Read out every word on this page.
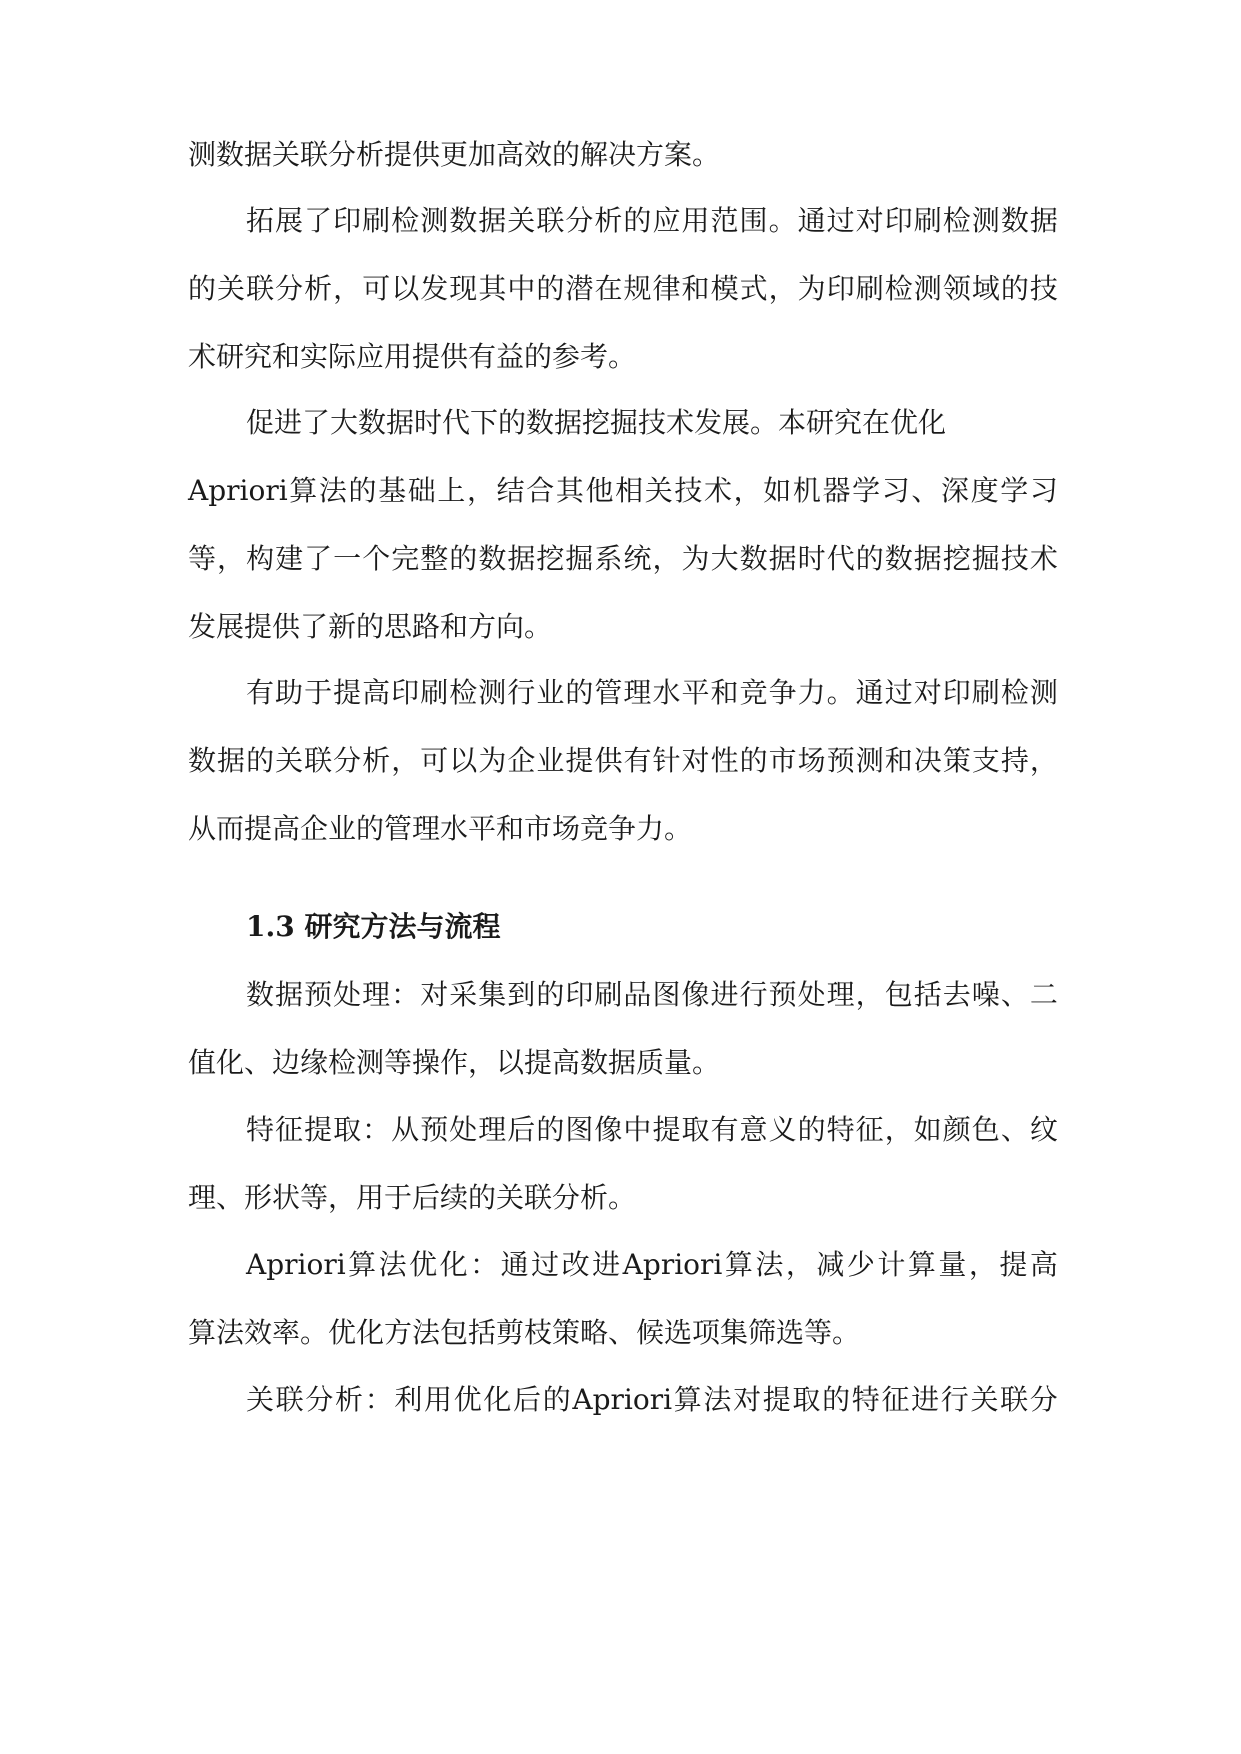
测数据关联分析提供更加高效的解决方案。

拓 展 了 印 刷 检 测 数 据 关 联 分 析 的 应 用 范 围 。 通 过 对 印 刷 检 测 数 据

的 关 联 分 析 ， 可 以 发 现 其 中 的 潜 在 规 律 和 模 式 ， 为 印 刷 检 测 领 域 的 技

术研究和实际应用提供有益的参考。

促进了大数据时代下的数据挖掘技术发展。本研究在优化

Apriori 算 法 的 基 础 上 ， 结 合 其 他 相 关 技 术 ， 如 机 器 学 习 、 深 度 学 习

等 ， 构 建 了 一 个 完 整 的 数 据 挖 掘 系 统 ， 为 大 数 据 时 代 的 数 据 挖 掘 技 术

发展提供了新的思路和方向。

有 助 于 提 高 印 刷 检 测 行 业 的 管 理 水 平 和 竞 争 力 。 通 过 对 印 刷 检 测

数 据 的 关 联 分 析 ， 可 以 为 企 业 提 供 有 针 对 性 的 市 场 预 测 和 决 策 支 持 ，

从而提高企业的管理水平和市场竞争力。

1.3 研究方法与流程

数 据 预 处 理 ： 对 采 集 到 的 印 刷 品 图 像 进 行 预 处 理 ， 包 括 去 噪 、 二

值化、边缘检测等操作，以提高数据质量。

特 征 提 取 ： 从 预 处 理 后 的 图 像 中 提 取 有 意 义 的 特 征 ， 如 颜 色 、 纹

理、形状等，用于后续的关联分析。

Apriori 算 法 优 化 ： 通 过 改 进 Apriori 算 法 ， 减 少 计 算 量 ， 提 高

算法效率。优化方法包括剪枝策略、候选项集筛选等。

关 联 分 析 ： 利 用 优 化 后 的 Apriori 算 法 对 提 取 的 特 征 进 行 关 联 分
